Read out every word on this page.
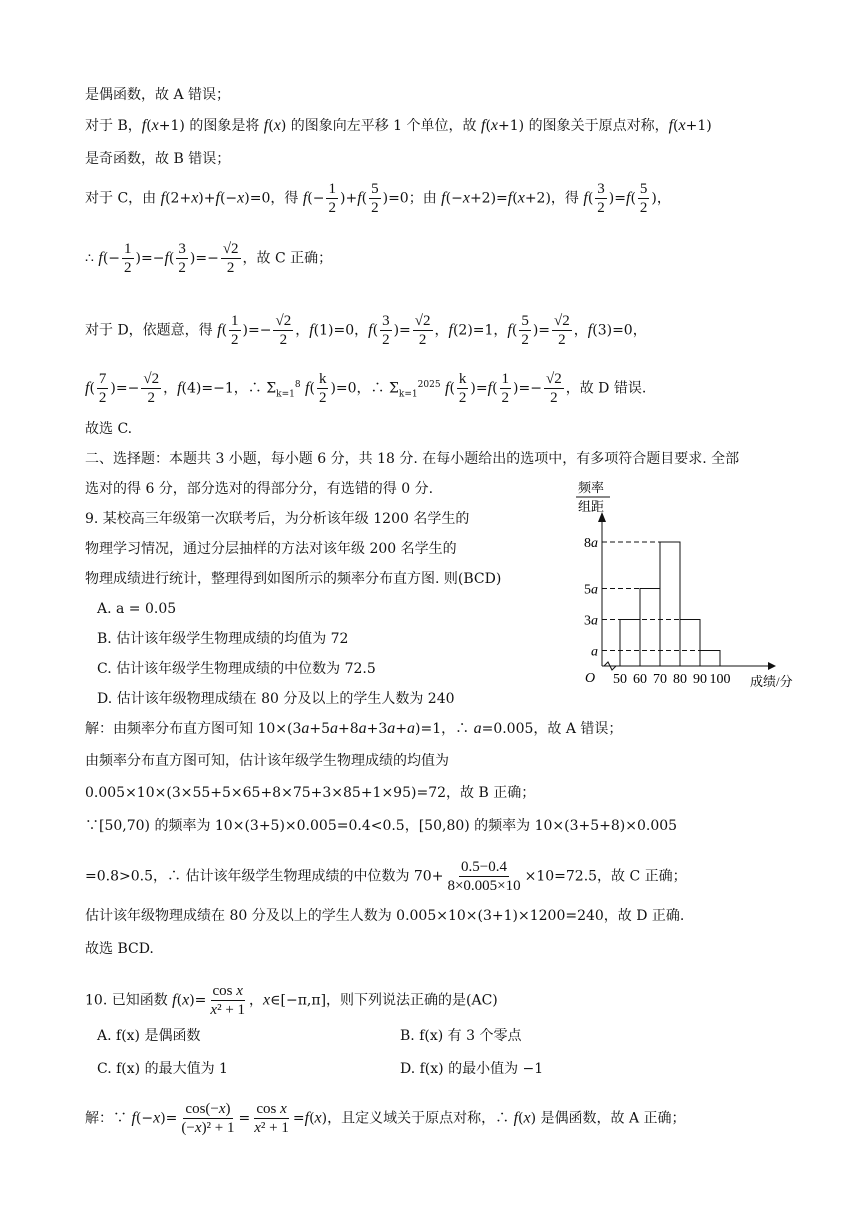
是偶函数，故 A 错误；
对于 B，f(x+1) 的图象是将 f(x) 的图象向左平移 1 个单位，故 f(x+1) 的图象关于原点对称，f(x+1)
是奇函数，故 B 错误；
对于 C，由 f(2+x)+f(−x)=0，得 $f(- \frac{1}{2} )+f( \frac{5}{2} )=0$；由 f(−x+2)=f(x+2)，得 $f( \frac{3}{2} )=f( \frac{5}{2}$ )，
∴ $f(- \frac{1}{2} )=-f( \frac{3}{2}$ )=− $\frac{√2}{2}$ ，故 C 正确；
对于 D，依题意，得 $f( \frac{1}{2}$ )=− $\frac{√2}{2}$ ，f(1)=0，$f( \frac{3}{2}$ )= $\frac{√2}{2}$ ，f(2)=1，$f( \frac{5}{2}$ )= $\frac{√2}{2}$ ，f(3)=0，
$f( \frac{7}{2}$ )=− $\frac{√2}{2}$ ，f(4)=−1，∴ $\Sigma_{k=1}^8$ $f( \frac{k}{2} )=0$，∴ $\Sigma_{k=1}^{2025}$ $f( \frac{k}{2} )=f( \frac{1}{2}$ )=− $\frac{√2}{2}$ ，故 D 错误.
故选 C.
二、选择题：本题共 3 小题，每小题 6 分，共 18 分. 在每小题给出的选项中，有多项符合题目要求. 全部
选对的得 6 分，部分选对的得部分分，有选错的得 0 分.
9. 某校高三年级第一次联考后，为分析该年级 1200 名学生的
物理学习情况，通过分层抽样的方法对该年级 200 名学生的
物理成绩进行统计，整理得到如图所示的频率分布直方图. 则(BCD)
A. a = 0.05
B. 估计该年级学生物理成绩的均值为 72
C. 估计该年级学生物理成绩的中位数为 72.5
D. 估计该年级物理成绩在 80 分及以上的学生人数为 240
频率
组距
a
3a
5a
8a
50 60 70 80 90 100
O	成绩/分
解：由频率分布直方图可知 10×(3a+5a+8a+3a+a)=1，∴ a=0.005，故 A 错误；
由频率分布直方图可知，估计该年级学生物理成绩的均值为
0.005×10×(3×55+5×65+8×75+3×85+1×95)=72，故 B 正确；
∵[50,70) 的频率为 10×(3+5)×0.005=0.4<0.5，[50,80) 的频率为 10×(3+5+8)×0.005
=0.8>0.5，∴ 估计该年级学生物理成绩的中位数为 $70+ \frac{0.5-0.4}{8\times 0.005\times 10} \times 10=72.5$，故 C 正确；
估计该年级物理成绩在 80 分及以上的学生人数为 0.005×10×(3+1)×1200=240，故 D 正确.
故选 BCD.
10. 已知函数 $f(x)= \frac{\text{cos x}}{\text{x² + 1}}$ ，x∈[−π,π]，则下列说法正确的是(AC)
A. f(x) 是偶函数	B. f(x) 有 3 个零点
C. f(x) 的最大值为 1	D. f(x) 的最小值为 −1
解：∵ $f(-x)= \frac{\cos(-x)}{\text{(−x)² + 1}} = \frac{\text{cos x}}{\text{x² + 1}} =f(x)$，且定义域关于原点对称，∴ f(x) 是偶函数，故 A 正确；
